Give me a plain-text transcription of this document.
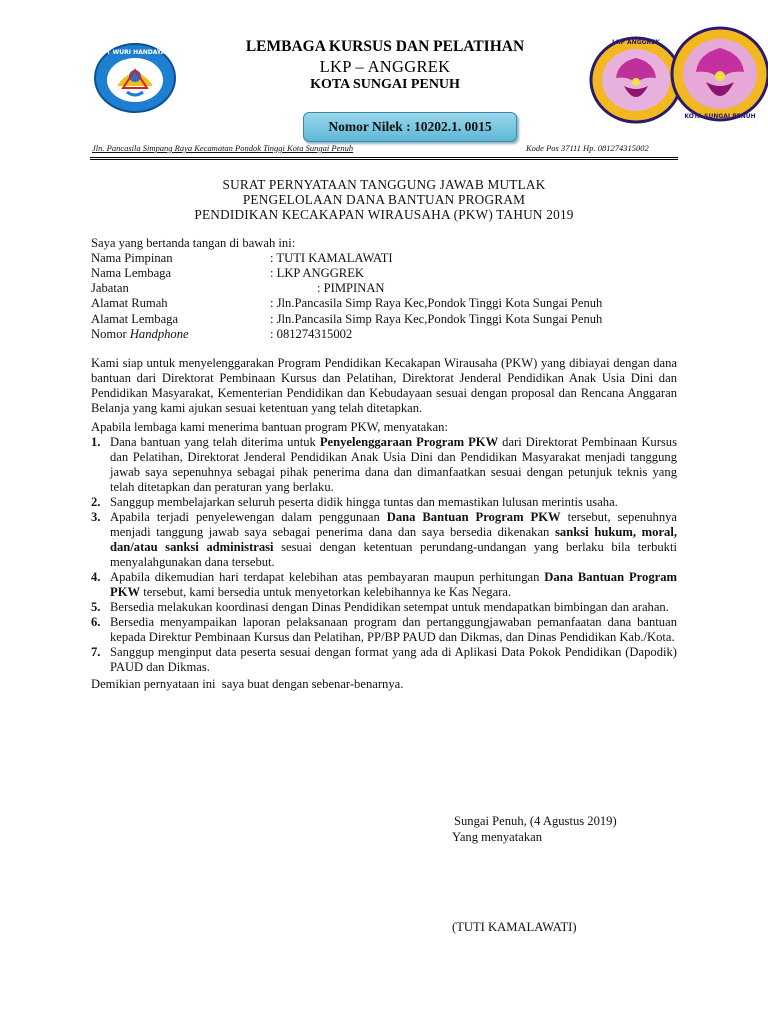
TUT WURI HANDAYANI
LKP ANGGREK
KOTA SUNGAI PENUH
LEMBAGA KURSUS DAN PELATIHAN
LKP – ANGGREK
KOTA SUNGAI PENUH
Nomor Nilek : 10202.1. 0015
Jln. Pancasila Simpang Raya Kecamatan Pondok Tinggi Kota Sungai Penuh	Kode Pos 37111 Hp. 081274315002
SURAT PERNYATAAN TANGGUNG JAWAB MUTLAK
PENGELOLAAN DANA BANTUAN PROGRAM
PENDIDIKAN KECAKAPAN WIRAUSAHA (PKW) TAHUN 2019
Saya yang bertanda tangan di bawah ini:
Nama Pimpinan	: TUTI KAMALAWATI
Nama Lembaga	: LKP ANGGREK
Jabatan	: PIMPINAN
Alamat Rumah	: Jln.Pancasila Simp Raya Kec,Pondok Tinggi Kota Sungai Penuh
Alamat Lembaga	: Jln.Pancasila Simp Raya Kec,Pondok Tinggi Kota Sungai Penuh
Nomor Handphone	: 081274315002

Kami siap untuk menyelenggarakan Program Pendidikan Kecakapan Wirausaha (PKW) yang dibiayai dengan dana bantuan dari Direktorat Pembinaan Kursus dan Pelatihan, Direktorat Jenderal Pendidikan Anak Usia Dini dan Pendidikan Masyarakat, Kementerian Pendidikan dan Kebudayaan sesuai dengan proposal dan Rencana Anggaran Belanja yang kami ajukan sesuai ketentuan yang telah ditetapkan.

Apabila lembaga kami menerima bantuan program PKW, menyatakan:

1. Dana bantuan yang telah diterima untuk Penyelenggaraan Program PKW dari Direktorat Pembinaan Kursus dan Pelatihan, Direktorat Jenderal Pendidikan Anak Usia Dini dan Pendidikan Masyarakat menjadi tanggung jawab saya sepenuhnya sebagai pihak penerima dana dan dimanfaatkan sesuai dengan petunjuk teknis yang telah ditetapkan dan peraturan yang berlaku.
2. Sanggup membelajarkan seluruh peserta didik hingga tuntas dan memastikan lulusan merintis usaha.
3. Apabila terjadi penyelewengan dalam penggunaan Dana Bantuan Program PKW tersebut, sepenuhnya menjadi tanggung jawab saya sebagai penerima dana dan saya bersedia dikenakan sanksi hukum, moral, dan/atau sanksi administrasi sesuai dengan ketentuan perundang-undangan yang berlaku bila terbukti menyalahgunakan dana tersebut.
4. Apabila dikemudian hari terdapat kelebihan atas pembayaran maupun perhitungan Dana Bantuan Program PKW tersebut, kami bersedia untuk menyetorkan kelebihannya ke Kas Negara.
5. Bersedia melakukan koordinasi dengan Dinas Pendidikan setempat untuk mendapatkan bimbingan dan arahan.
6. Bersedia menyampaikan laporan pelaksanaan program dan pertanggungjawaban pemanfaatan dana bantuan kepada Direktur Pembinaan Kursus dan Pelatihan, PP/BP PAUD dan Dikmas, dan Dinas Pendidikan Kab./Kota.
7. Sanggup menginput data peserta sesuai dengan format yang ada di Aplikasi Data Pokok Pendidikan (Dapodik) PAUD dan Dikmas.

Demikian pernyataan ini  saya buat dengan sebenar-benarnya.

Sungai Penuh, (4 Agustus 2019)
Yang menyatakan
(TUTI KAMALAWATI)
